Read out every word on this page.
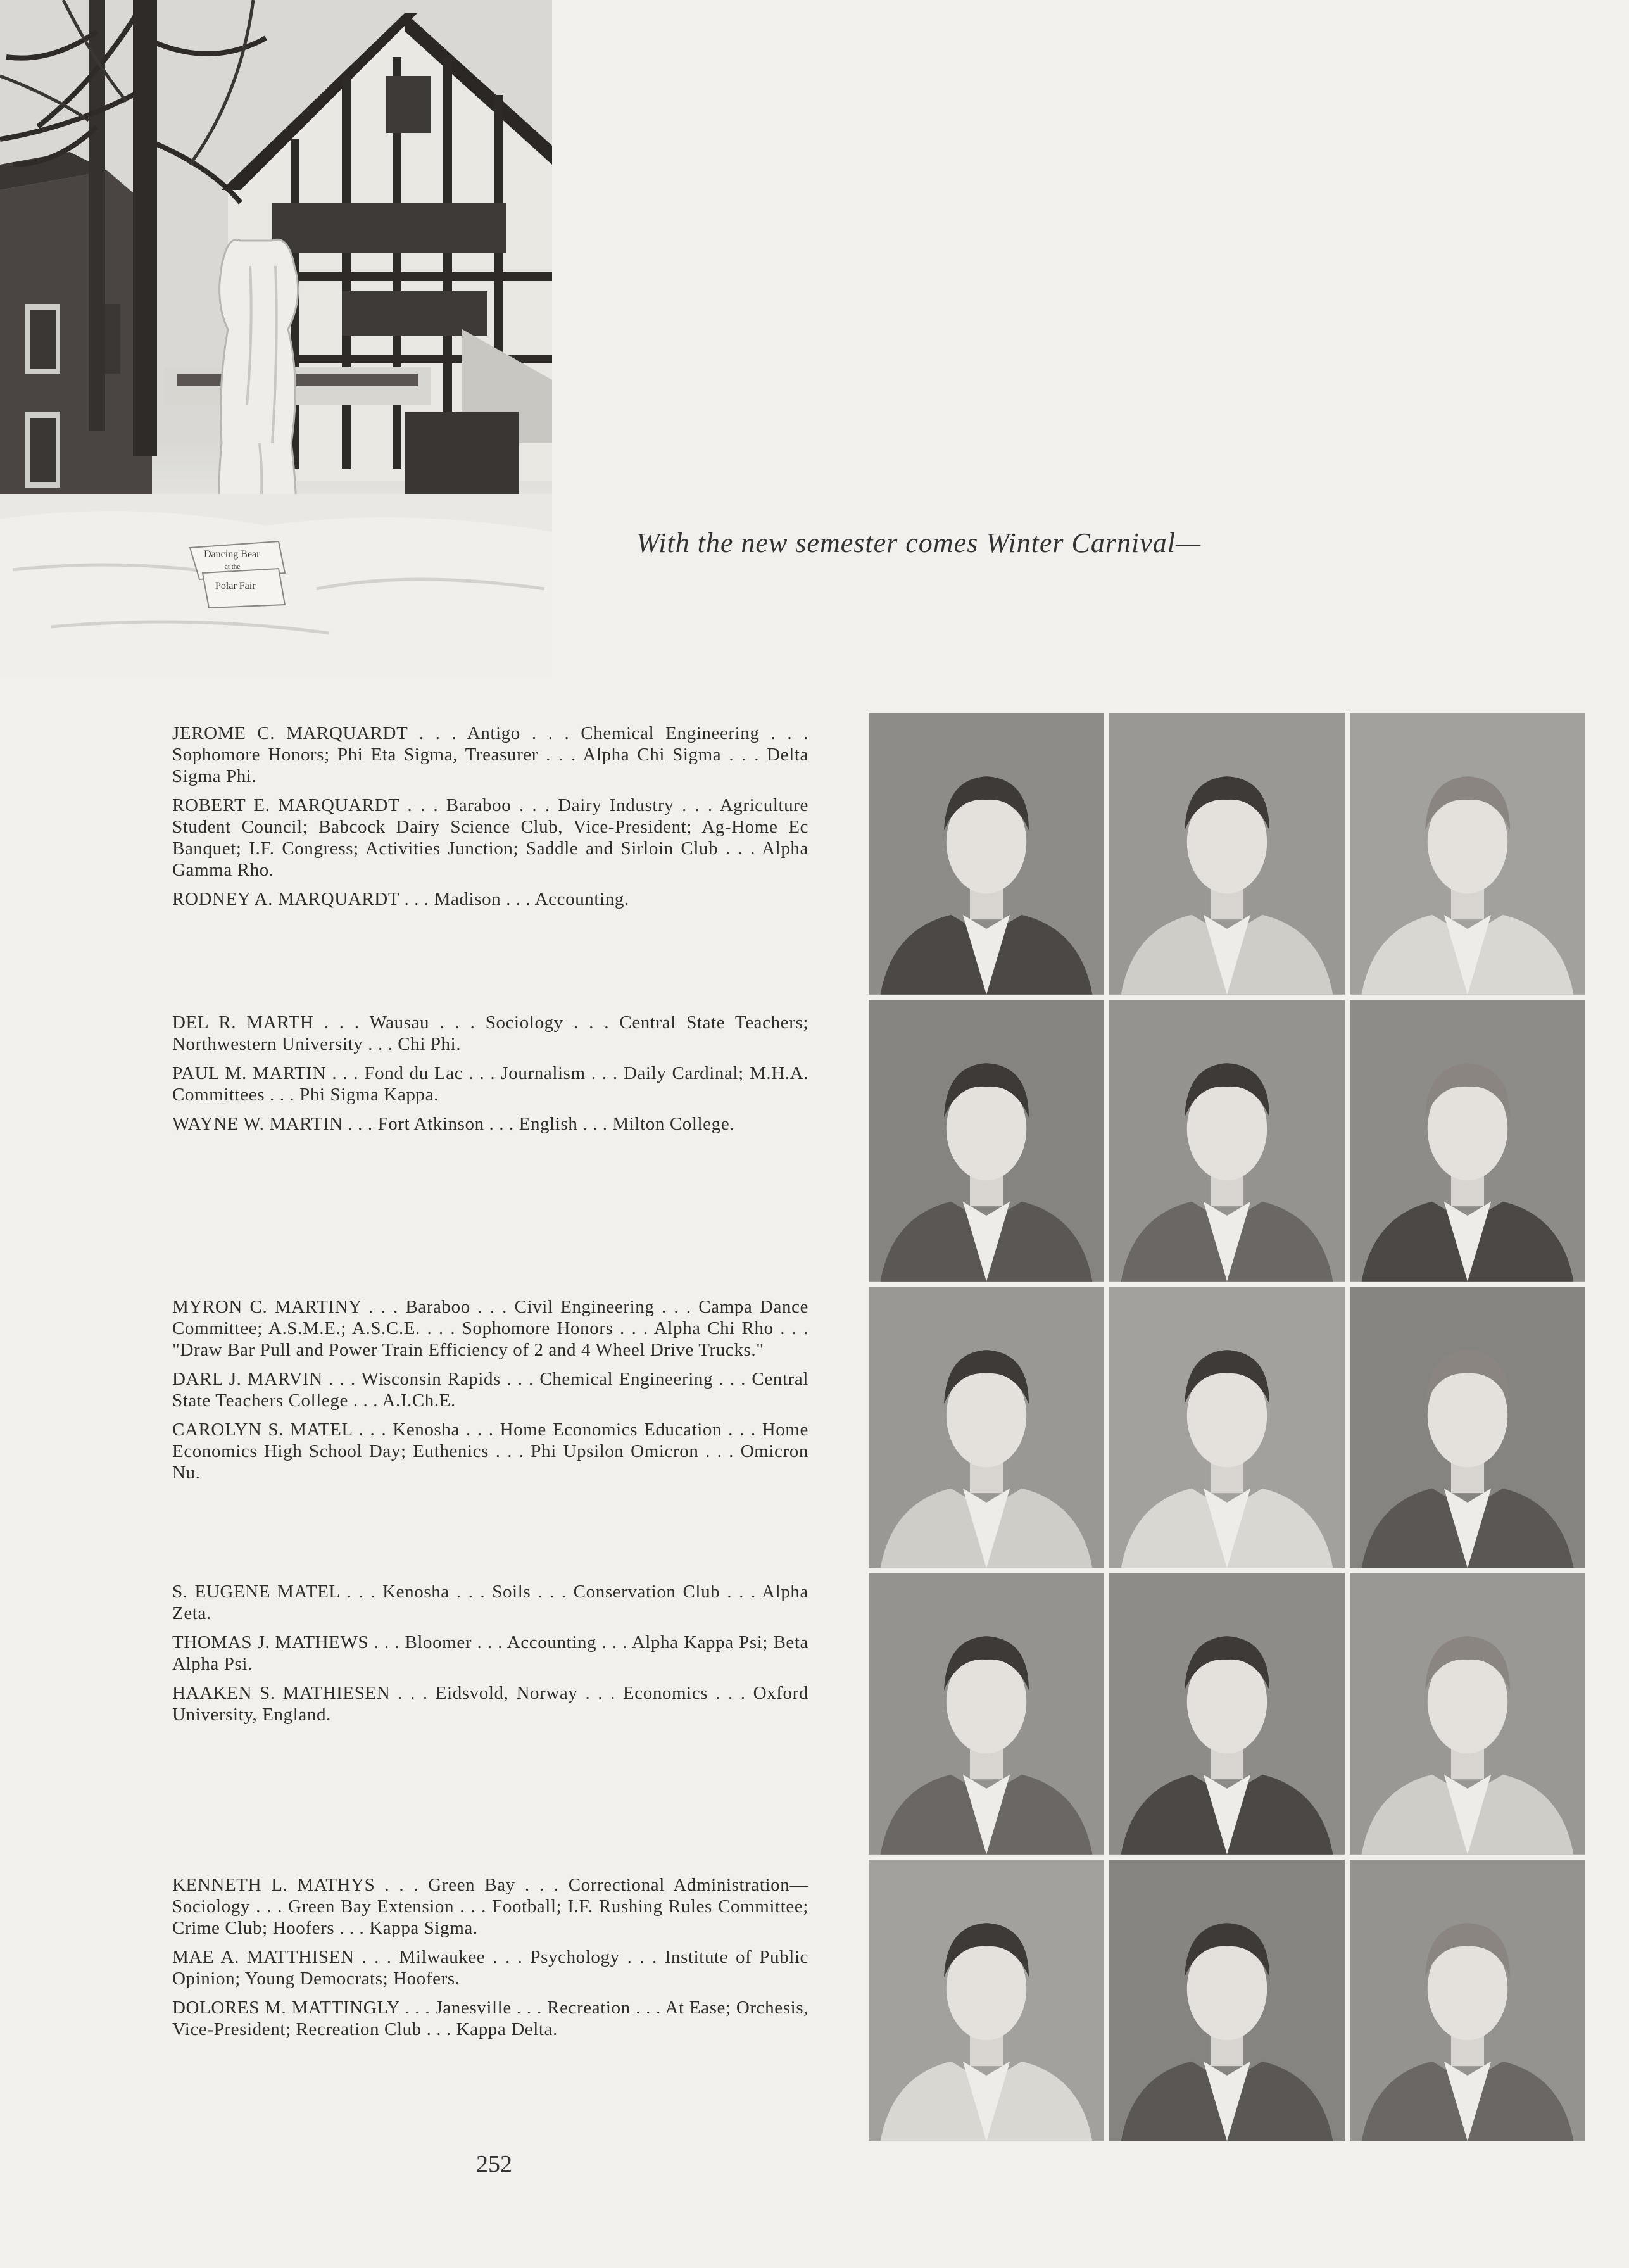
Dancing Bear
at the
Polar Fair
With the new semester comes Winter Carnival—

JEROME C. MARQUARDT . . . Antigo . . . Chemical Engineering . . . Sophomore Honors; Phi Eta Sigma, Treasurer . . . Alpha Chi Sigma . . . Delta Sigma Phi.

ROBERT E. MARQUARDT . . . Baraboo . . . Dairy Industry . . . Agriculture Student Council; Babcock Dairy Science Club, Vice-President; Ag-Home Ec Banquet; I.F. Congress; Activities Junction; Saddle and Sirloin Club . . . Alpha Gamma Rho.

RODNEY A. MARQUARDT . . . Madison . . . Accounting.

DEL R. MARTH . . . Wausau . . . Sociology . . . Central State Teachers; Northwestern University . . . Chi Phi.

PAUL M. MARTIN . . . Fond du Lac . . . Journalism . . . Daily Cardinal; M.H.A. Committees . . . Phi Sigma Kappa.

WAYNE W. MARTIN . . . Fort Atkinson . . . English . . . Milton College.

MYRON C. MARTINY . . . Baraboo . . . Civil Engineering . . . Campa Dance Committee; A.S.M.E.; A.S.C.E. . . . Sophomore Honors . . . Alpha Chi Rho . . . "Draw Bar Pull and Power Train Efficiency of 2 and 4 Wheel Drive Trucks."

DARL J. MARVIN . . . Wisconsin Rapids . . . Chemical Engineering . . . Central State Teachers College . . . A.I.Ch.E.

CAROLYN S. MATEL . . . Kenosha . . . Home Economics Education . . . Home Economics High School Day; Euthenics . . . Phi Upsilon Omicron . . . Omicron Nu.

S. EUGENE MATEL . . . Kenosha . . . Soils . . . Conservation Club . . . Alpha Zeta.

THOMAS J. MATHEWS . . . Bloomer . . . Accounting . . . Alpha Kappa Psi; Beta Alpha Psi.

HAAKEN S. MATHIESEN . . . Eidsvold, Norway . . . Economics . . . Oxford University, England.

KENNETH L. MATHYS . . . Green Bay . . . Correctional Administration—Sociology . . . Green Bay Extension . . . Football; I.F. Rushing Rules Committee; Crime Club; Hoofers . . . Kappa Sigma.

MAE A. MATTHISEN . . . Milwaukee . . . Psychology . . . Institute of Public Opinion; Young Democrats; Hoofers.

DOLORES M. MATTINGLY . . . Janesville . . . Recreation . . . At Ease; Orchesis, Vice-President; Recreation Club . . . Kappa Delta.

252
